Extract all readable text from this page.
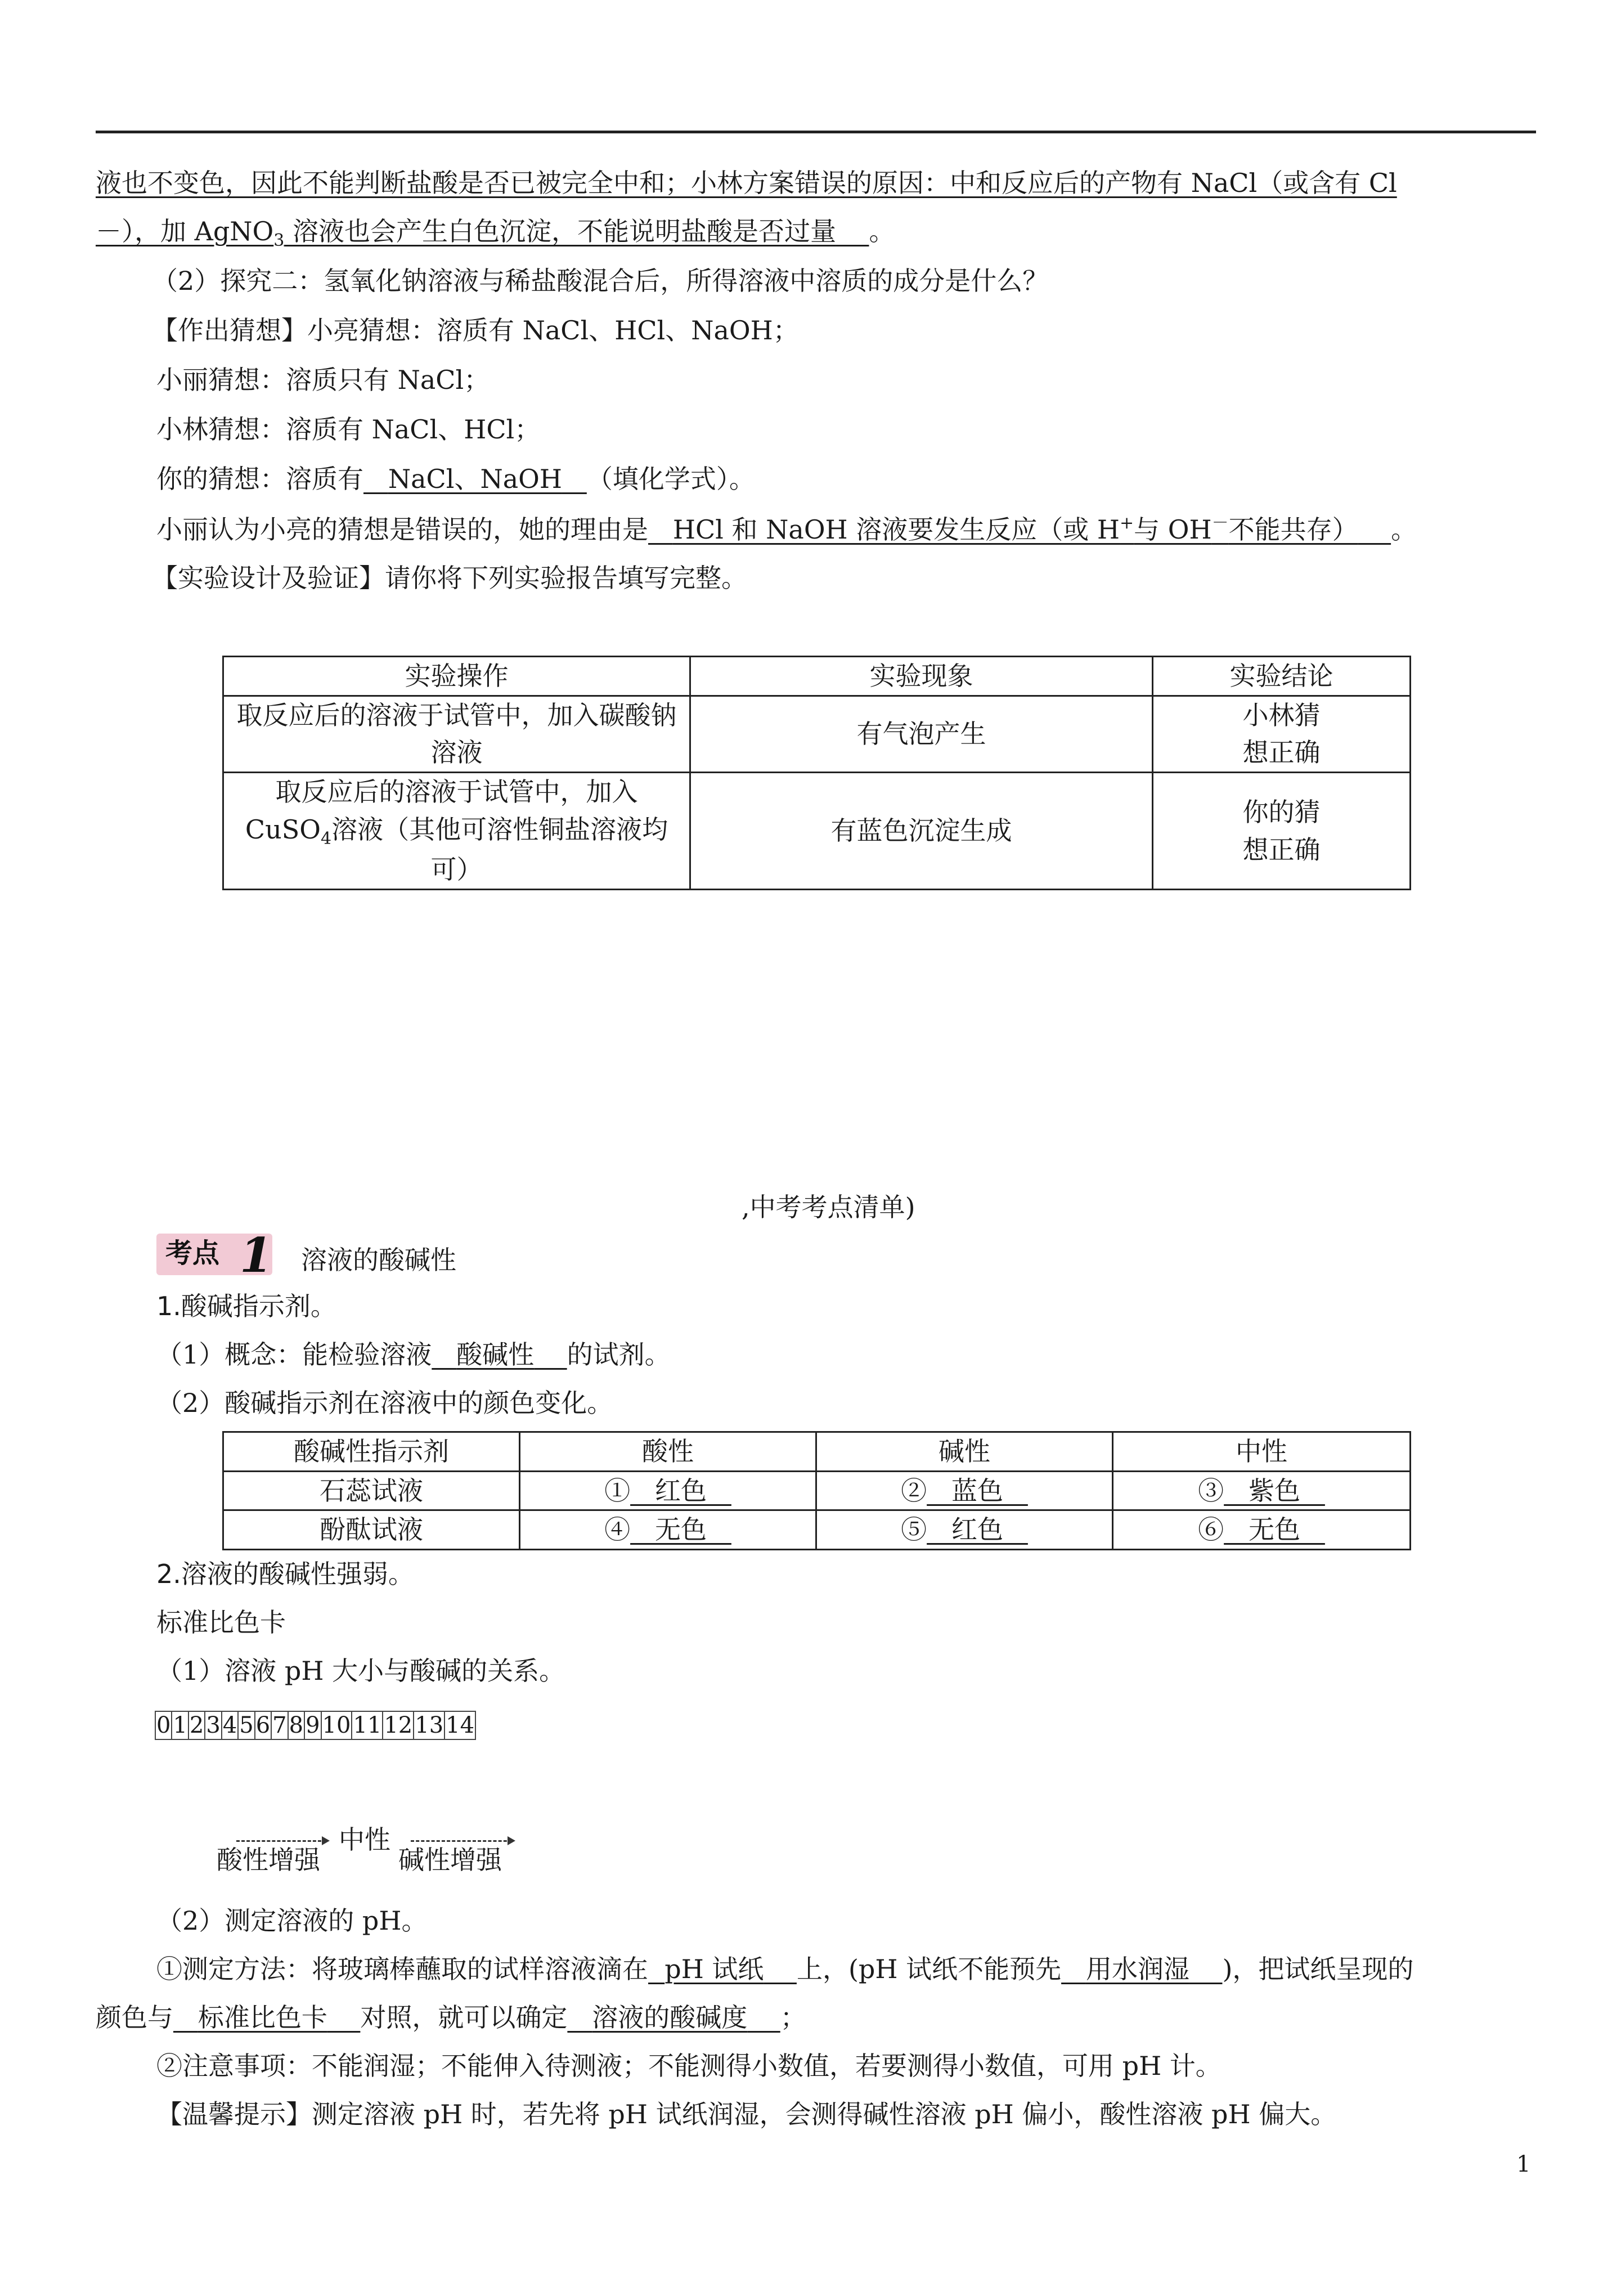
液也不变色，因此不能判断盐酸是否已被完全中和；小林方案错误的原因：中和反应后的产物有 NaCl（或含有 Cl
－），加 AgNO$_3$ 溶液也会产生白色沉淀，不能说明盐酸是否过量 。
（2）探究二：氢氧化钠溶液与稀盐酸混合后，所得溶液中溶质的成分是什么？
【作出猜想】小亮猜想：溶质有 NaCl、HCl、NaOH；
小丽猜想：溶质只有 NaCl；
小林猜想：溶质有 NaCl、HCl；
你的猜想：溶质有 NaCl、NaOH （填化学式）。
小丽认为小亮的猜想是错误的，她的理由是 HCl 和 NaOH 溶液要发生反应（或 H+与 OH－不能共存） 。
【实验设计及验证】请你将下列实验报告填写完整。
实验操作	实验现象	实验结论
取反应后的溶液于试管中，加入碳酸钠溶液	有气泡产生	小林猜想正确

取反应后的溶液于试管中，加入 CuSO$_4$溶液（其他可溶性铜盐溶液均可）	有蓝色沉淀生成	你的猜想正确
,中考考点清单)
考点 1 溶液的酸碱性
1.酸碱指示剂。
（1）概念：能检验溶液 酸碱性 的试剂。
（2）酸碱指示剂在溶液中的颜色变化。
酸碱性指示剂	酸性	碱性	中性
石蕊试液	① 红色	② 蓝色	③ 紫色
酚酞试液	④ 无色	⑤ 红色	⑥ 无色
2.溶液的酸碱性强弱。
标准比色卡
（1）溶液 pH 大小与酸碱的关系。
0 1 2 3 4 5 6 7 8 9 10 11 12 13 14
酸性增强
中性
碱性增强
（2）测定溶液的 pH。
①测定方法：将玻璃棒蘸取的试样溶液滴在 pH 试纸 上，(pH 试纸不能预先 用水润湿 )，把试纸呈现的
颜色与 标准比色卡 对照，就可以确定 溶液的酸碱度 ；
②注意事项：不能润湿；不能伸入待测液；不能测得小数值，若要测得小数值，可用 pH 计。
【温馨提示】测定溶液 pH 时，若先将 pH 试纸润湿，会测得碱性溶液 pH 偏小，酸性溶液 pH 偏大。
1
